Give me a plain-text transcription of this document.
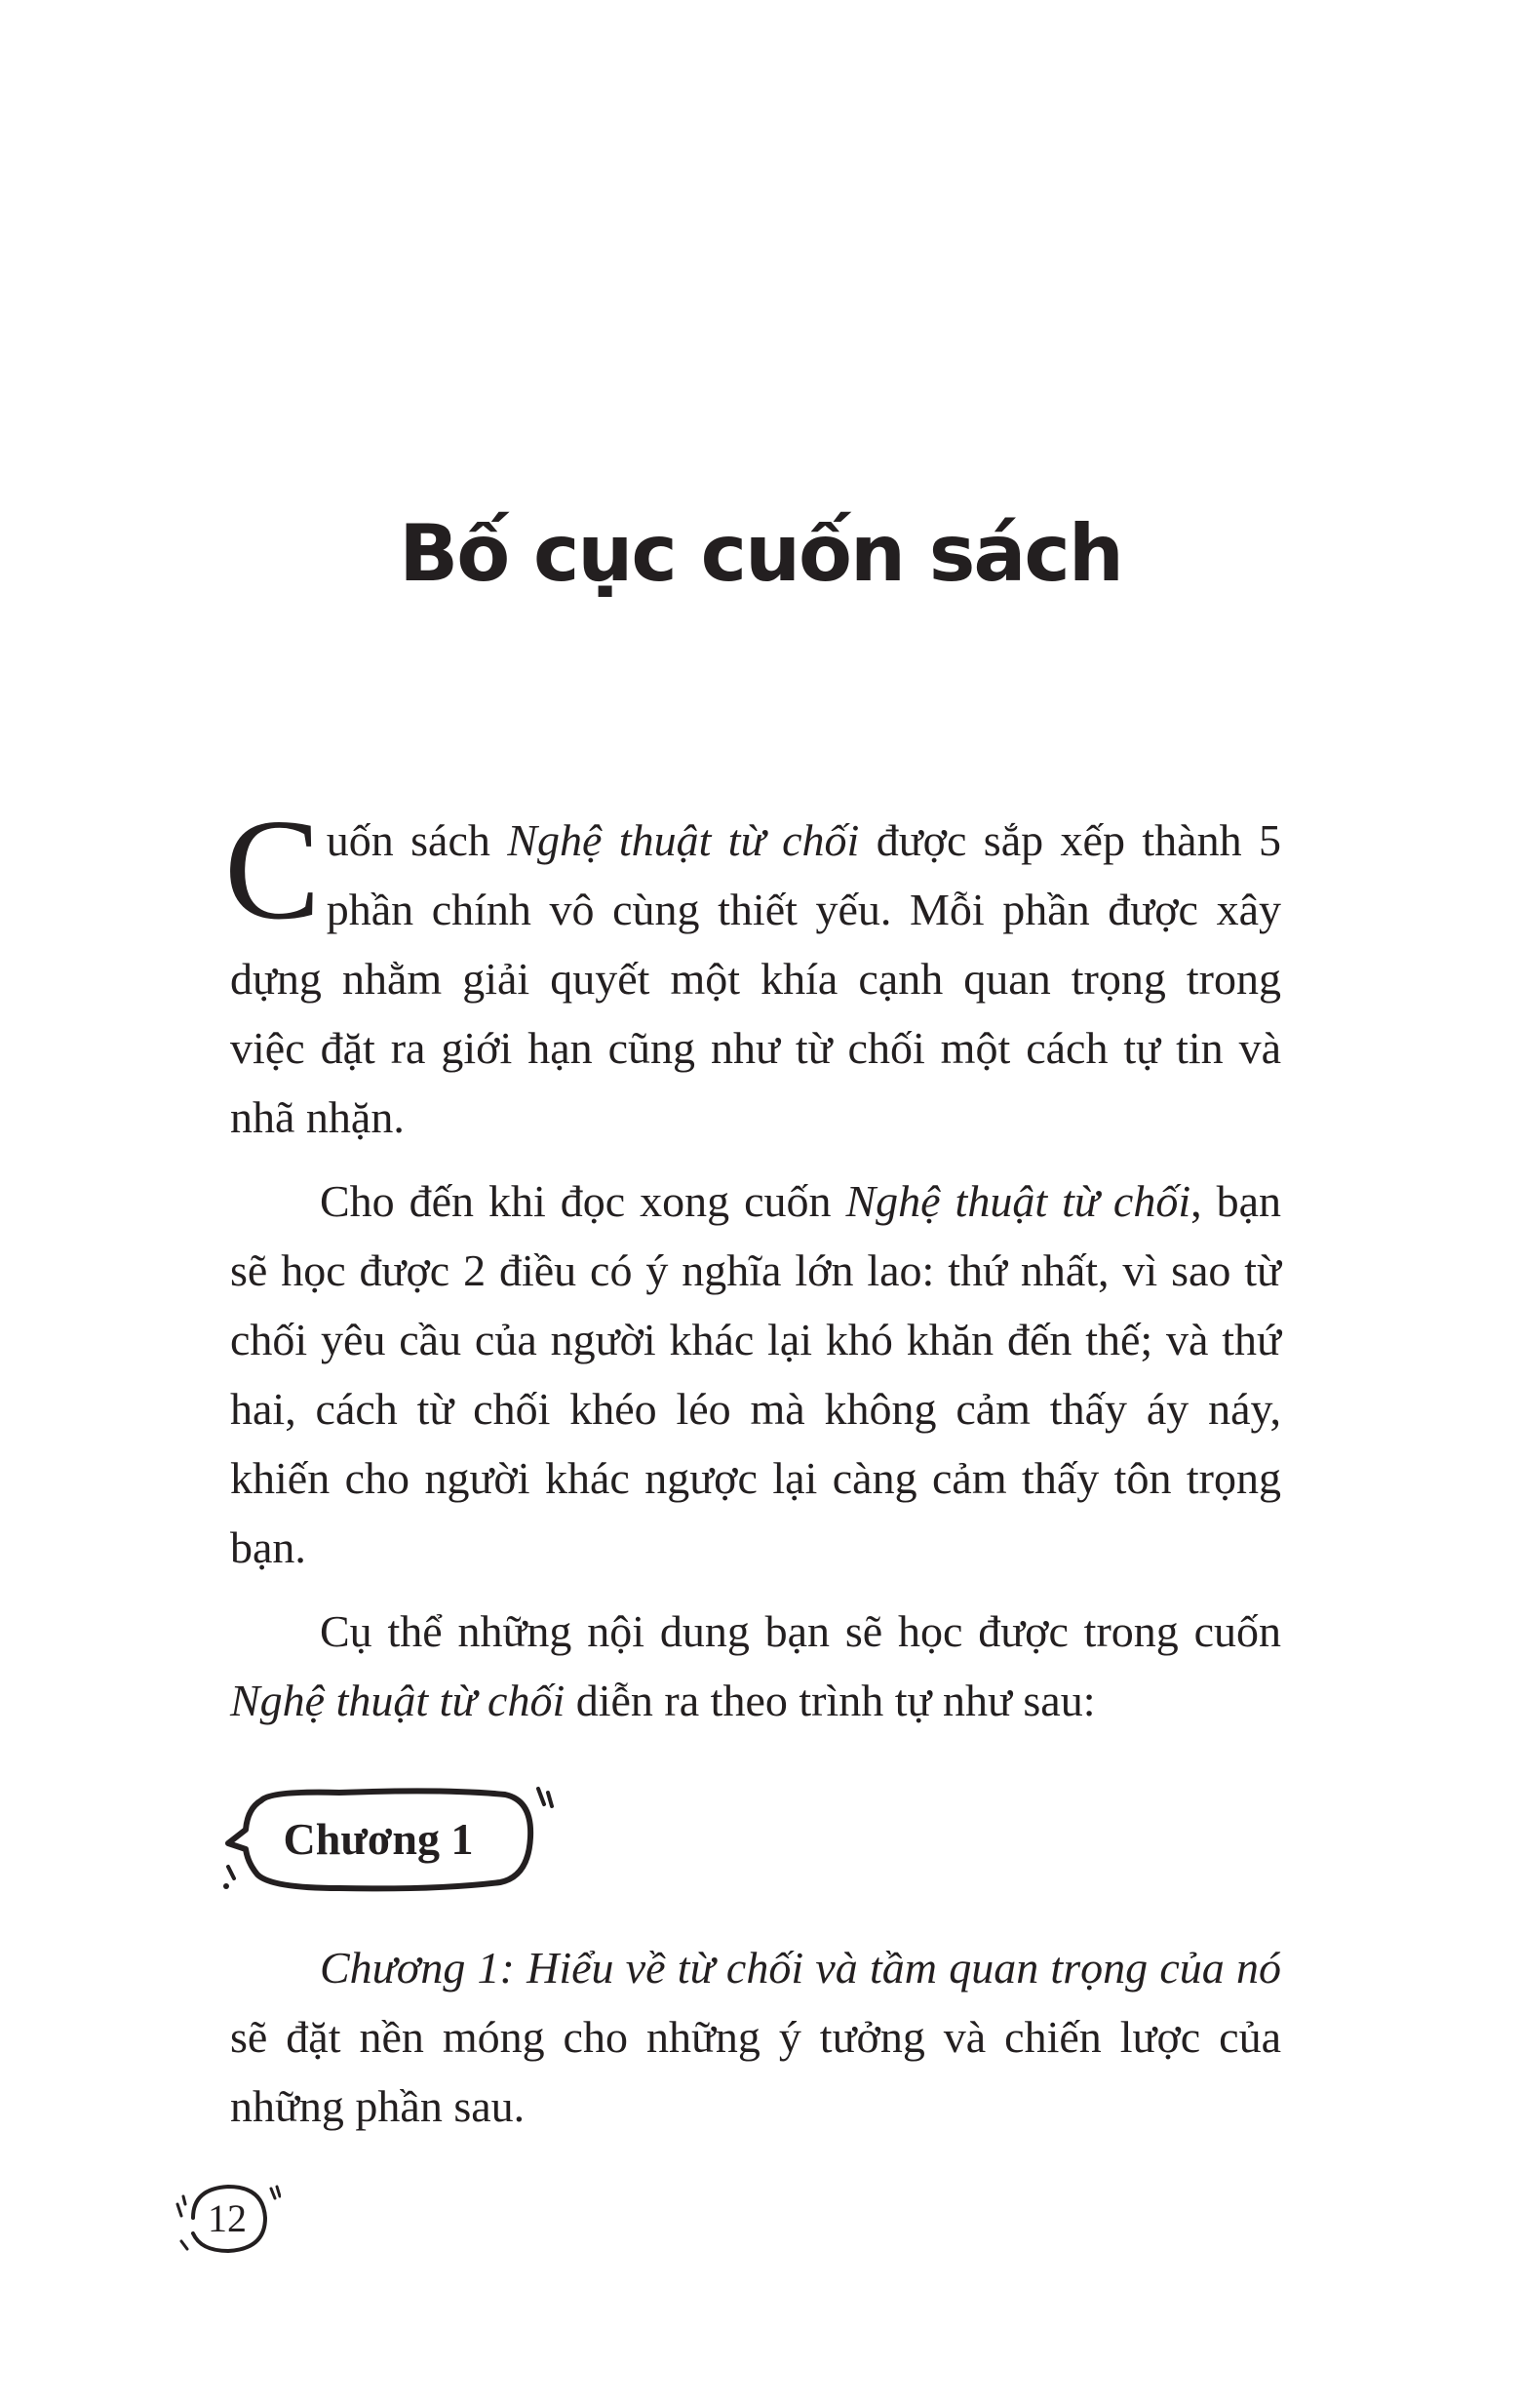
Bố cục cuốn sách

Cuốn sách Nghệ thuật từ chối được sắp xếp thành 5 phần chính vô cùng thiết yếu. Mỗi phần được xây dựng nhằm giải quyết một khía cạnh quan trọng trong việc đặt ra giới hạn cũng như từ chối một cách tự tin và nhã nhặn.

Cho đến khi đọc xong cuốn Nghệ thuật từ chối, bạn sẽ học được 2 điều có ý nghĩa lớn lao: thứ nhất, vì sao từ chối yêu cầu của người khác lại khó khăn đến thế; và thứ hai, cách từ chối khéo léo mà không cảm thấy áy náy, khiến cho người khác ngược lại càng cảm thấy tôn trọng bạn.

Cụ thể những nội dung bạn sẽ học được trong cuốn Nghệ thuật từ chối diễn ra theo trình tự như sau:

Chương 1

Chương 1: Hiểu về từ chối và tầm quan trọng của nó sẽ đặt nền móng cho những ý tưởng và chiến lược của những phần sau.

12
